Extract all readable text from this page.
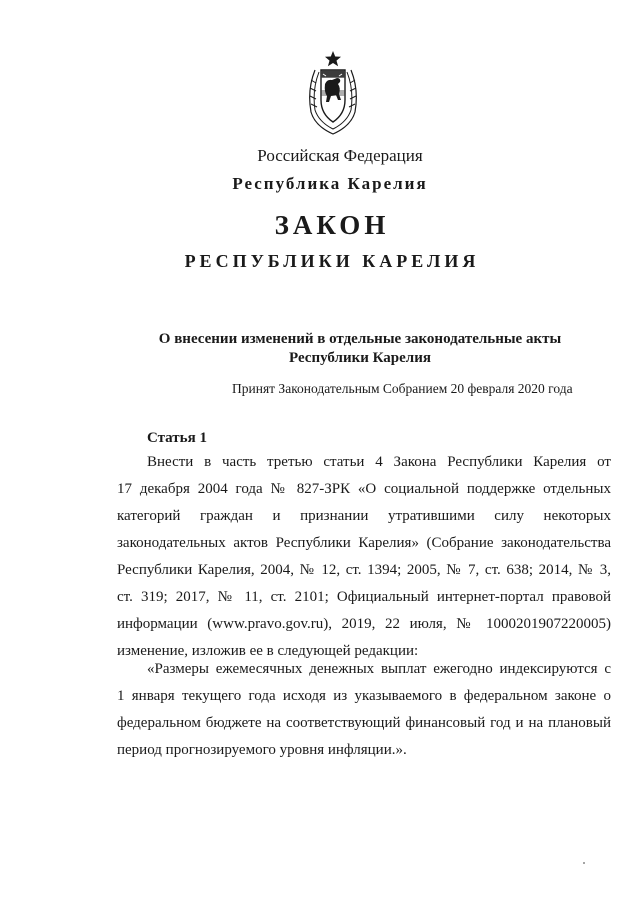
Российская Федерация
Республика Карелия
ЗАКОН
РЕСПУБЛИКИ КАРЕЛИЯ
О внесении изменений в отдельные законодательные акты
Республики Карелия
Принят Законодательным Собранием 20 февраля 2020 года
Статья 1
Внести в часть третью статьи 4 Закона Республики Карелия от
17 декабря 2004 года № 827-ЗРК «О социальной поддержке отдельных
категорий граждан и признании утратившими силу некоторых
законодательных актов Республики Карелия» (Собрание законодательства
Республики Карелия, 2004, № 12, ст. 1394; 2005, № 7, ст. 638; 2014, № 3,
ст. 319; 2017, № 11, ст. 2101; Официальный интернет-портал правовой
информации (www.pravo.gov.ru), 2019, 22 июля, № 1000201907220005)
изменение, изложив ее в следующей редакции:
«Размеры ежемесячных денежных выплат ежегодно индексируются с
1 января текущего года исходя из указываемого в федеральном законе о
федеральном бюджете на соответствующий финансовый год и на плановый
период прогнозируемого уровня инфляции.».
